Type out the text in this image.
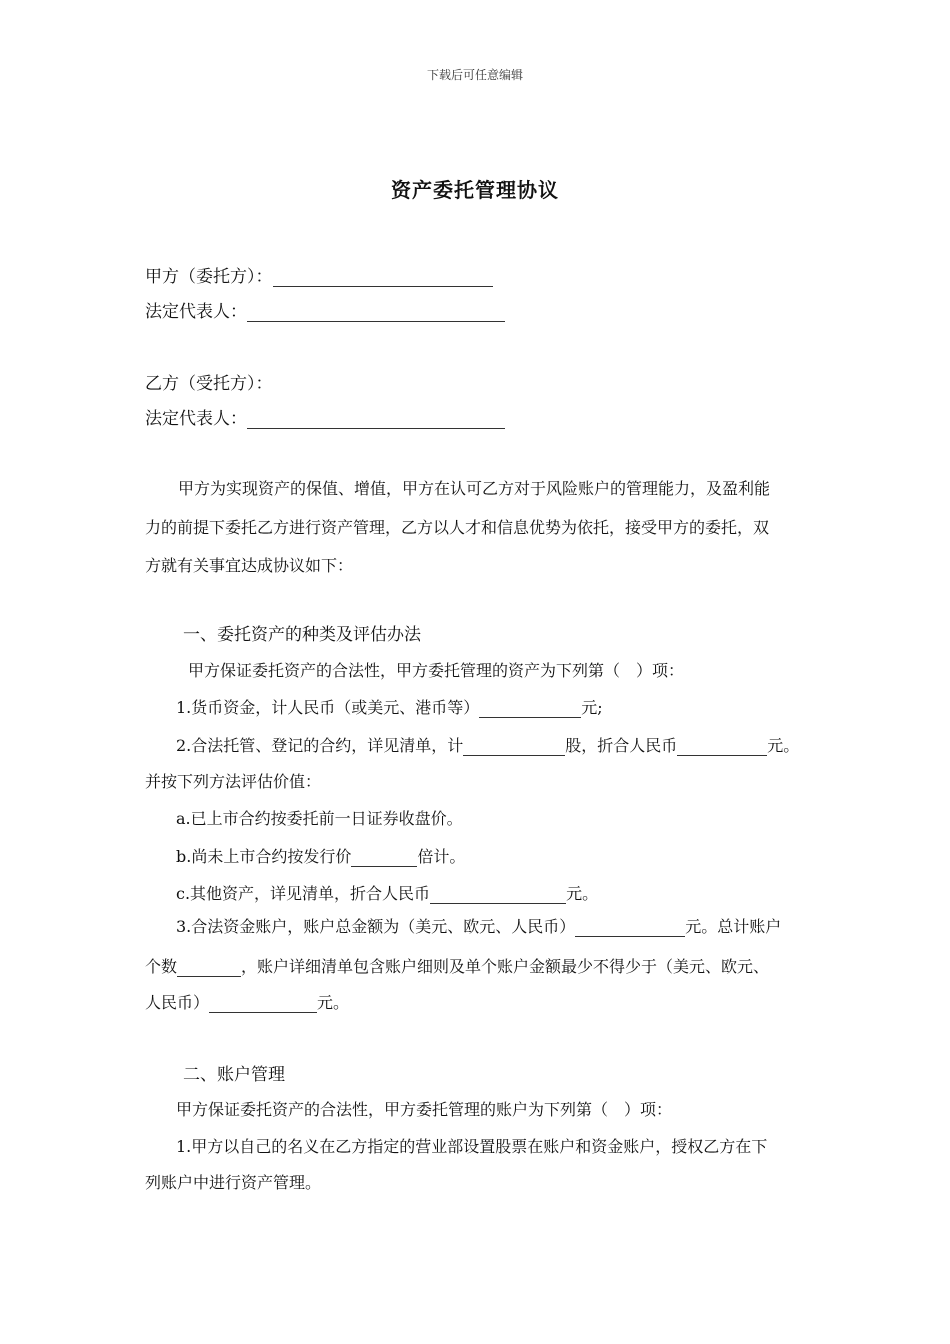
下载后可任意编辑
资产委托管理协议
甲方（委托方）：
法定代表人：
乙方（受托方）：
法定代表人：
甲方为实现资产的保值、增值，甲方在认可乙方对于风险账户的管理能力，及盈利能
力的前提下委托乙方进行资产管理，乙方以人才和信息优势为依托，接受甲方的委托，双
方就有关事宜达成协议如下：
一、委托资产的种类及评估办法
甲方保证委托资产的合法性，甲方委托管理的资产为下列第（　）项：
1.货币资金，计人民币（或美元、港币等）	元;
2.合法托管、登记的合约，详见清单，计	股，折合人民币	元。
并按下列方法评估价值：
a.已上市合约按委托前一日证券收盘价。
b.尚未上市合约按发行价	倍计。
c.其他资产，详见清单，折合人民币	元。
3.合法资金账户，账户总金额为（美元、欧元、人民币）	元。总计账户
个数	，账户详细清单包含账户细则及单个账户金额最少不得少于（美元、欧元、
人民币）	元。
二、账户管理
甲方保证委托资产的合法性，甲方委托管理的账户为下列第（　）项：
1.甲方以自己的名义在乙方指定的营业部设置股票在账户和资金账户，授权乙方在下
列账户中进行资产管理。
